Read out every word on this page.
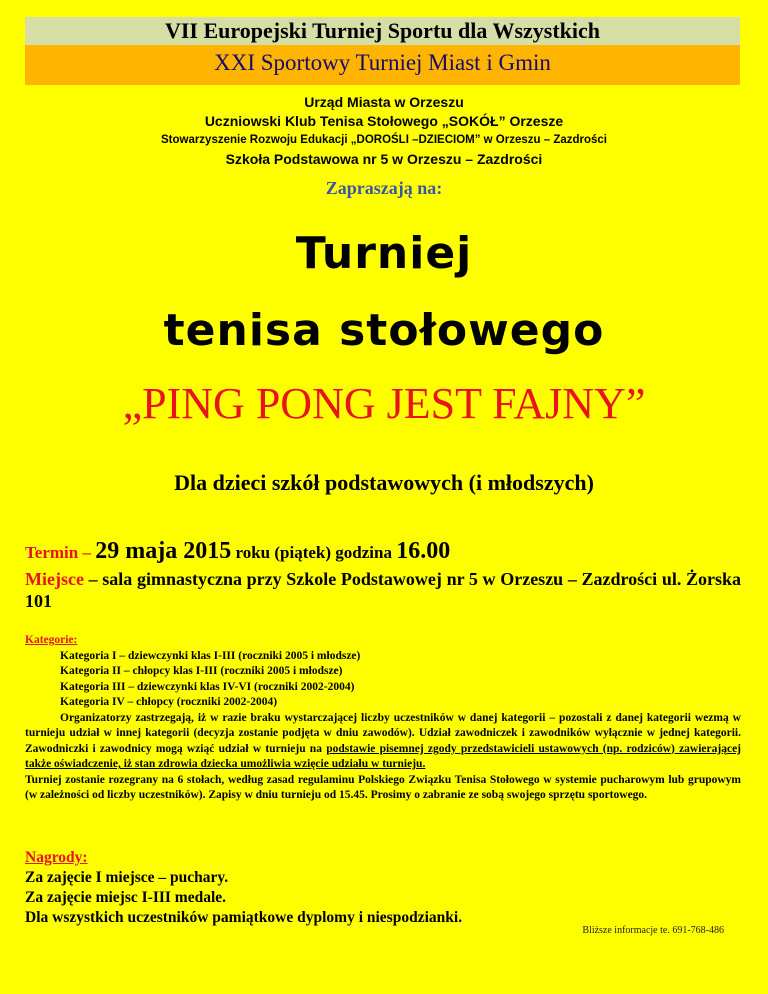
VII Europejski Turniej Sportu dla Wszystkich
XXI Sportowy Turniej Miast i Gmin
Urząd Miasta w Orzeszu
Uczniowski Klub Tenisa Stołowego „SOKÓŁ” Orzesze
Stowarzyszenie Rozwoju Edukacji „DOROŚLI –DZIECIOM” w Orzeszu – Zazdrości
Szkoła Podstawowa nr 5 w Orzeszu – Zazdrości
Zapraszają na:
Turniej
tenisa stołowego
„PING PONG JEST FAJNY”
Dla dzieci szkół podstawowych (i młodszych)
Termin – 29 maja 2015 roku (piątek) godzina 16.00
Miejsce – sala gimnastyczna przy Szkole Podstawowej nr 5 w Orzeszu – Zazdrości ul. Żorska 101
Kategorie:
Kategoria I – dziewczynki klas I-III (roczniki 2005 i młodsze)
Kategoria II – chłopcy klas I-III (roczniki 2005 i młodsze)
Kategoria III – dziewczynki klas IV-VI (roczniki 2002-2004)
Kategoria IV – chłopcy (roczniki 2002-2004)
Organizatorzy zastrzegają, iż w razie braku wystarczającej liczby uczestników w danej kategorii – pozostali z danej kategorii wezmą w turnieju udział w innej kategorii (decyzja zostanie podjęta w dniu zawodów). Udział zawodniczek i zawodników wyłącznie w jednej kategorii. Zawodniczki i zawodnicy mogą wziąć udział w turnieju na podstawie pisemnej zgody przedstawicieli ustawowych (np. rodziców) zawierającej także oświadczenie, iż stan zdrowia dziecka umożliwia wzięcie udziału w turnieju.
Turniej zostanie rozegrany na 6 stołach, według zasad regulaminu Polskiego Związku Tenisa Stołowego w systemie pucharowym lub grupowym (w zależności od liczby uczestników). Zapisy w dniu turnieju od 15.45. Prosimy o zabranie ze sobą swojego sprzętu sportowego.
Nagrody:
Za zajęcie I miejsce – puchary.
Za zajęcie miejsc I-III medale.
Dla wszystkich uczestników pamiątkowe dyplomy i niespodzianki.
Bliższe informacje te. 691-768-486
